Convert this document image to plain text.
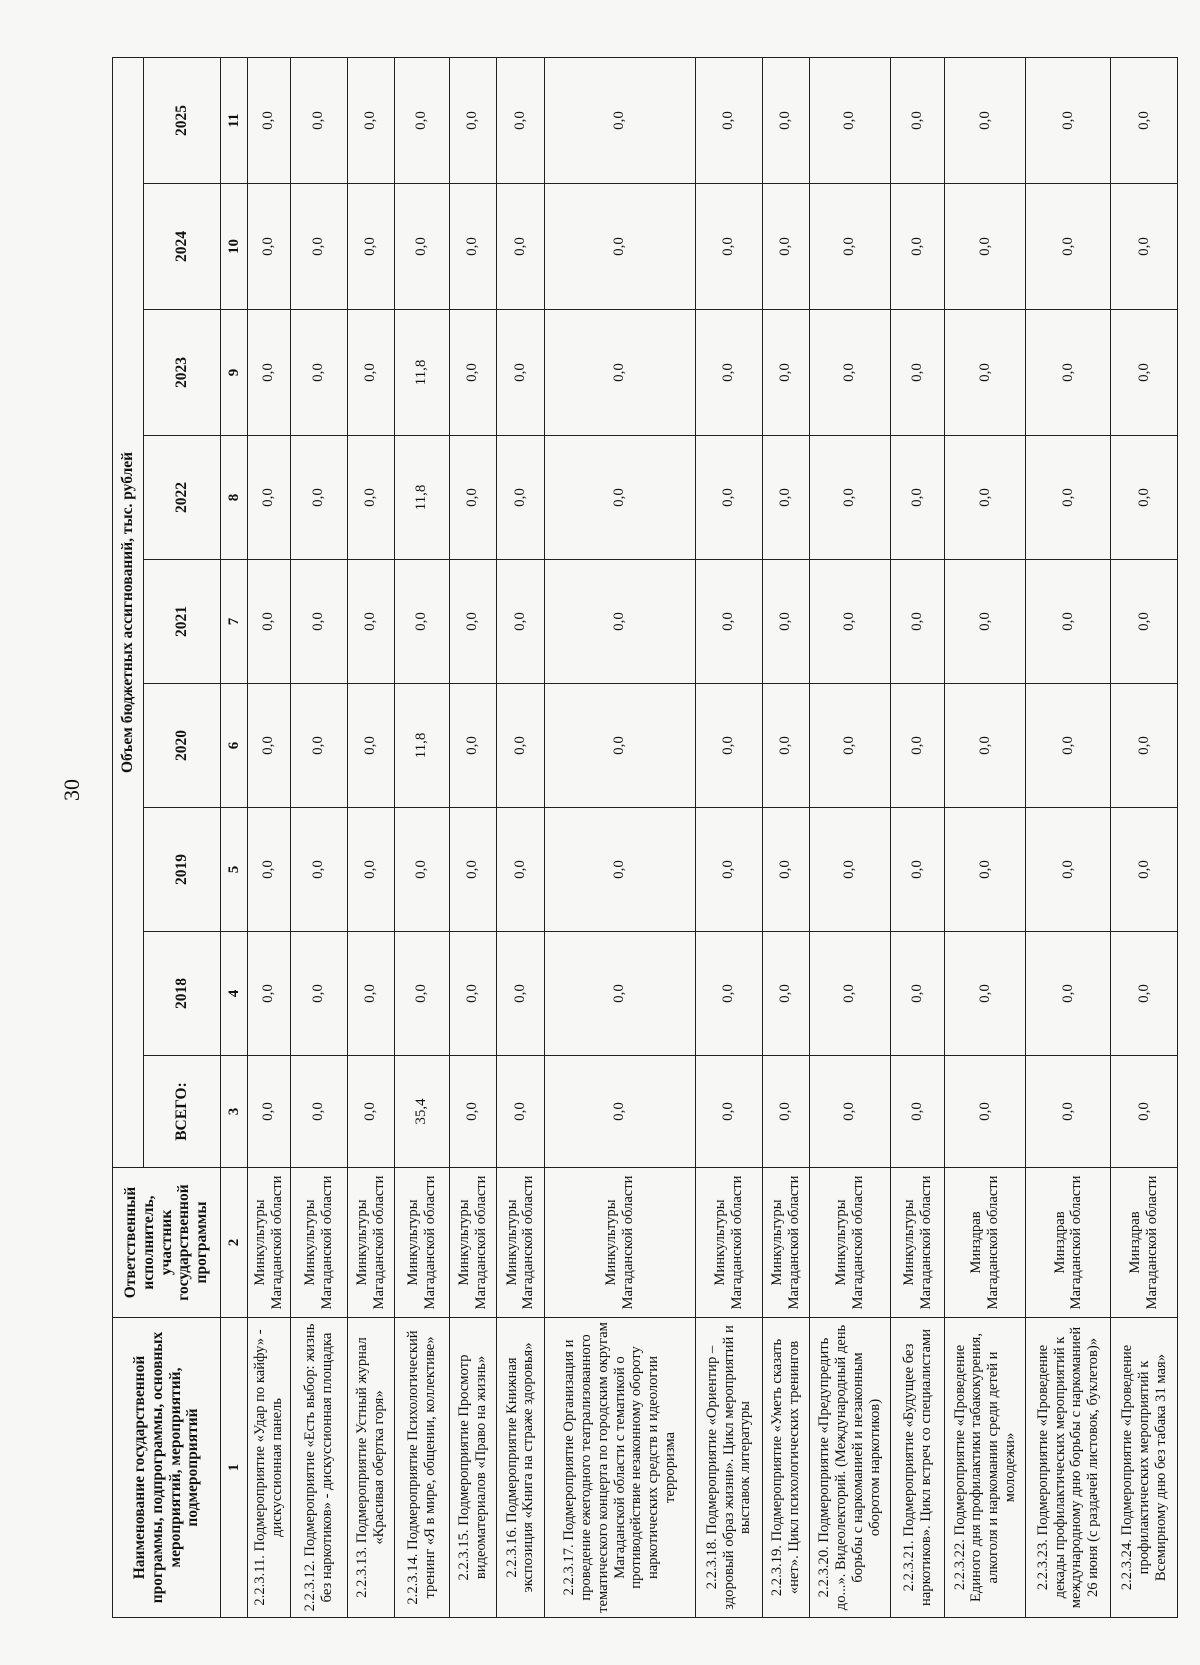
30
Наименование государственной программы, подпрограммы, основных мероприятий, мероприятий, подмероприятий	Ответственный исполнитель, участник государственной программы	Объем бюджетных ассигнований, тыс. рублей								
		ВСЕГО:	2018	2019	2020	2021	2022	2023	2024	2025
1	2	3	4	5	6	7	8	9	10	11
2.2.3.11. Подмероприятие «Удар по кайфу» - дискуссионная панель	Минкультуры Магаданской области	0,0	0,0	0,0	0,0	0,0	0,0	0,0	0,0	0,0
2.2.3.12. Подмероприятие «Есть выбор: жизнь без наркотиков» - дискуссионная площадка	Минкультуры Магаданской области	0,0	0,0	0,0	0,0	0,0	0,0	0,0	0,0	0,0
2.2.3.13. Подмероприятие Устный журнал «Красивая обертка горя»	Минкультуры Магаданской области	0,0	0,0	0,0	0,0	0,0	0,0	0,0	0,0	0,0
2.2.3.14. Подмероприятие Психологический тренинг «Я в мире, общении, коллективе»	Минкультуры Магаданской области	35,4	0,0	0,0	11,8	0,0	11,8	11,8	0,0	0,0
2.2.3.15. Подмероприятие Просмотр видеоматериалов «Право на жизнь»	Минкультуры Магаданской области	0,0	0,0	0,0	0,0	0,0	0,0	0,0	0,0	0,0
2.2.3.16. Подмероприятие Книжная экспозиция «Книга на страже здоровья»	Минкультуры Магаданской области	0,0	0,0	0,0	0,0	0,0	0,0	0,0	0,0	0,0
2.2.3.17. Подмероприятие Организация и проведение ежегодного театрализованного тематического концерта по городским округам Магаданской области с тематикой о противодействие незаконному обороту наркотических средств и идеологии терроризма	Минкультуры Магаданской области	0,0	0,0	0,0	0,0	0,0	0,0	0,0	0,0	0,0
2.2.3.18. Подмероприятие «Ориентир – здоровый образ жизни». Цикл мероприятий и выставок литературы	Минкультуры Магаданской области	0,0	0,0	0,0	0,0	0,0	0,0	0,0	0,0	0,0
2.2.3.19. Подмероприятие «Уметь сказать «нет». Цикл психологических тренингов	Минкультуры Магаданской области	0,0	0,0	0,0	0,0	0,0	0,0	0,0	0,0	0,0
2.2.3.20. Подмероприятие «Предупредить до...». Видеолекторий. (Международный день борьбы с наркоманией и незаконным оборотом наркотиков)	Минкультуры Магаданской области	0,0	0,0	0,0	0,0	0,0	0,0	0,0	0,0	0,0
2.2.3.21. Подмероприятие «Будущее без наркотиков». Цикл встреч со специалистами	Минкультуры Магаданской области	0,0	0,0	0,0	0,0	0,0	0,0	0,0	0,0	0,0
2.2.3.22. Подмероприятие «Проведение Единого дня профилактики табакокурения, алкоголя и наркомании среди детей и молодежи»	Минздрав Магаданской области	0,0	0,0	0,0	0,0	0,0	0,0	0,0	0,0	0,0
2.2.3.23. Подмероприятие «Проведение декады профилактических мероприятий к международному дню борьбы с наркоманией 26 июня (с раздачей листовок, буклетов)»	Минздрав Магаданской области	0,0	0,0	0,0	0,0	0,0	0,0	0,0	0,0	0,0
2.2.3.24. Подмероприятие «Проведение профилактических мероприятий к Всемирному дню без табака 31 мая»	Минздрав Магаданской области	0,0	0,0	0,0	0,0	0,0	0,0	0,0	0,0	0,0
